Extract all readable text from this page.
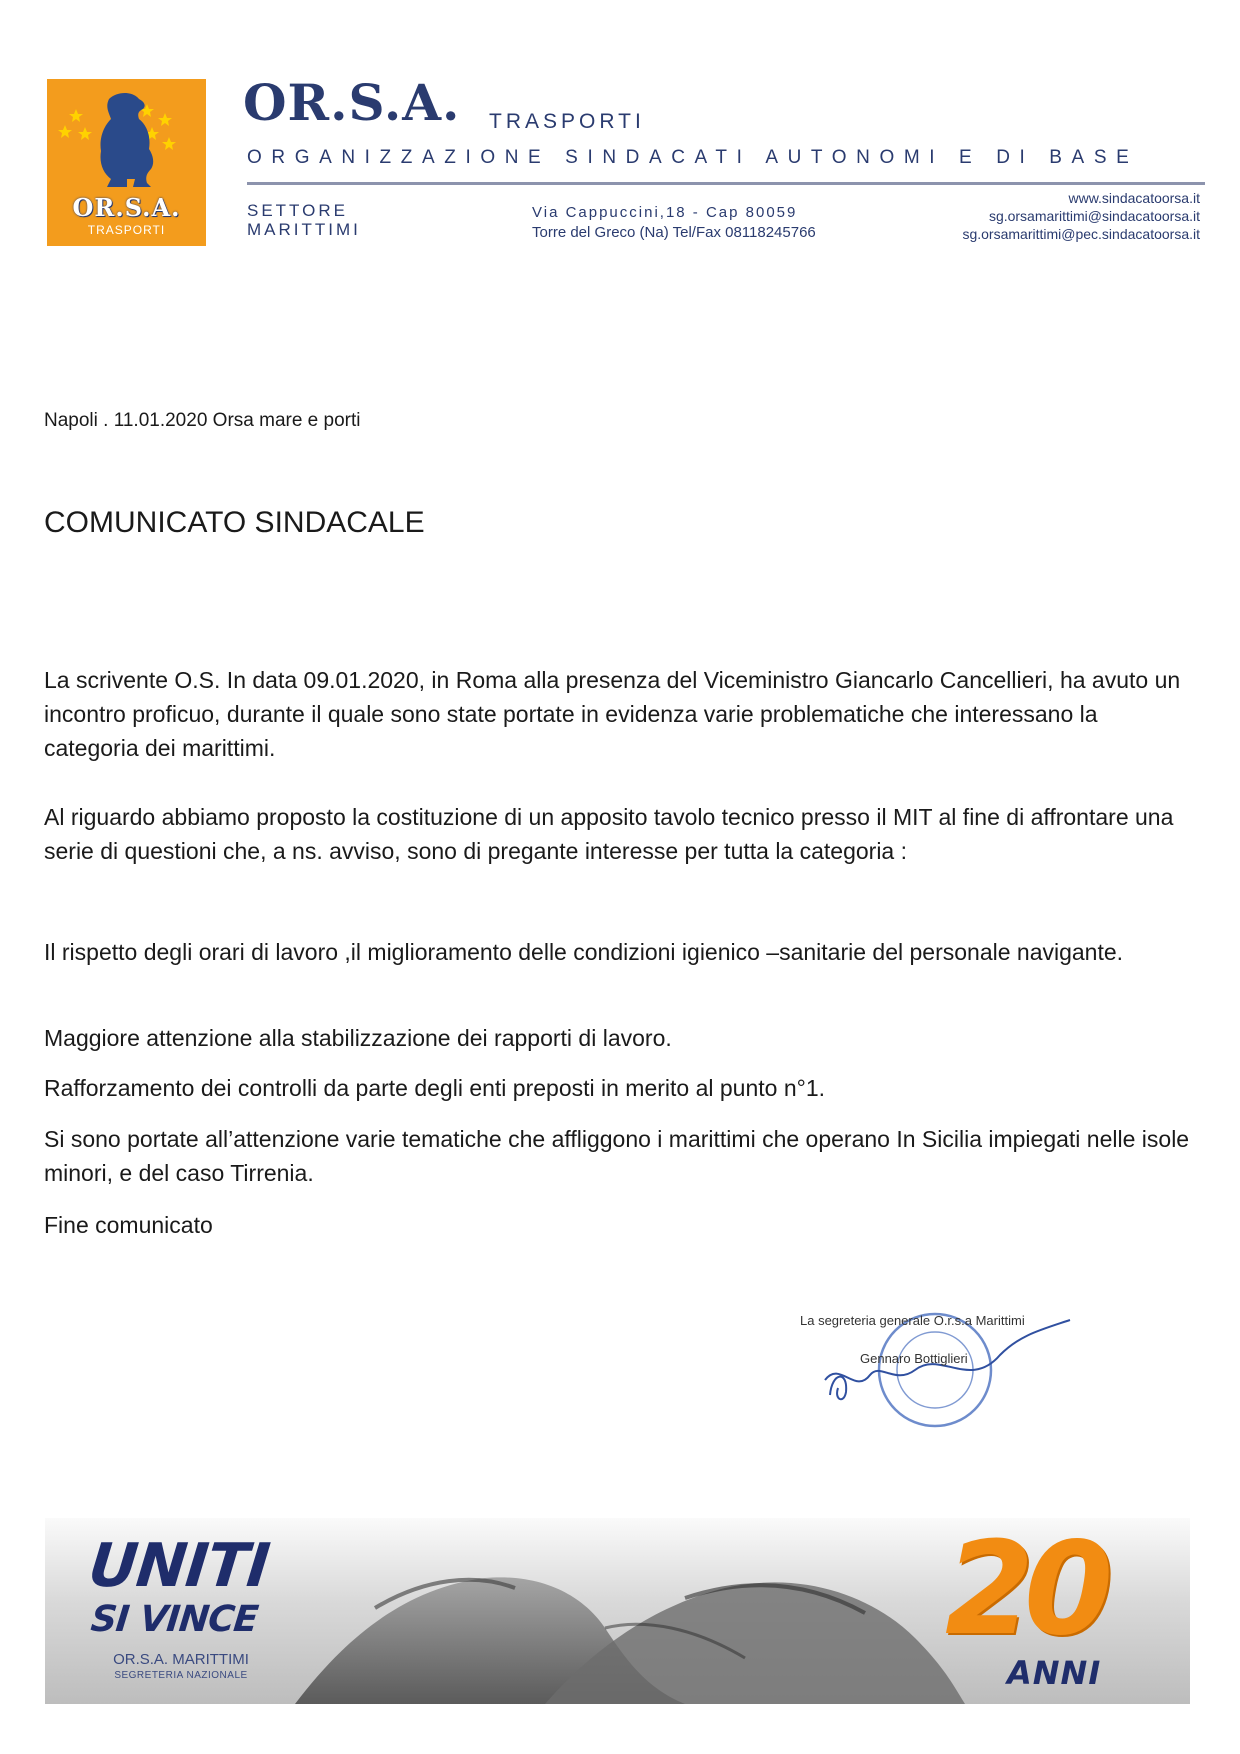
OR.S.A.
TRASPORTI
OR.S.A. TRASPORTI
ORGANIZZAZIONE SINDACATI AUTONOMI E DI BASE
SETTORE
MARITTIMI
Via Cappuccini,18 - Cap 80059
Torre del Greco (Na) Tel/Fax 08118245766
www.sindacatoorsa.it
sg.orsamarittimi@sindacatoorsa.it
sg.orsamarittimi@pec.sindacatoorsa.it
Napoli . 11.01.2020 Orsa mare e porti
COMUNICATO SINDACALE

La scrivente O.S. In data 09.01.2020, in Roma alla presenza del Viceministro Giancarlo Cancellieri, ha avuto un incontro proficuo, durante il quale sono state portate in evidenza varie problematiche che interessano la categoria dei marittimi.

Al riguardo abbiamo proposto la costituzione di un apposito tavolo tecnico presso il MIT al fine di affrontare una serie di questioni che, a ns. avviso, sono di pregante interesse per tutta la categoria :

Il rispetto degli orari di lavoro ,il miglioramento delle condizioni igienico –sanitarie del personale navigante.

Maggiore attenzione alla stabilizzazione dei rapporti di lavoro.

Rafforzamento dei controlli da parte degli enti preposti in merito al punto n°1.

Si sono portate all’attenzione varie tematiche che affliggono i marittimi che operano In Sicilia impiegati nelle isole minori, e del caso Tirrenia.

Fine comunicato

La segreteria generale O.r.s.a Marittimi
Gennaro Bottiglieri
UNITI
SI VINCE
OR.S.A. MARITTIMI
SEGRETERIA NAZIONALE
20
ANNI
